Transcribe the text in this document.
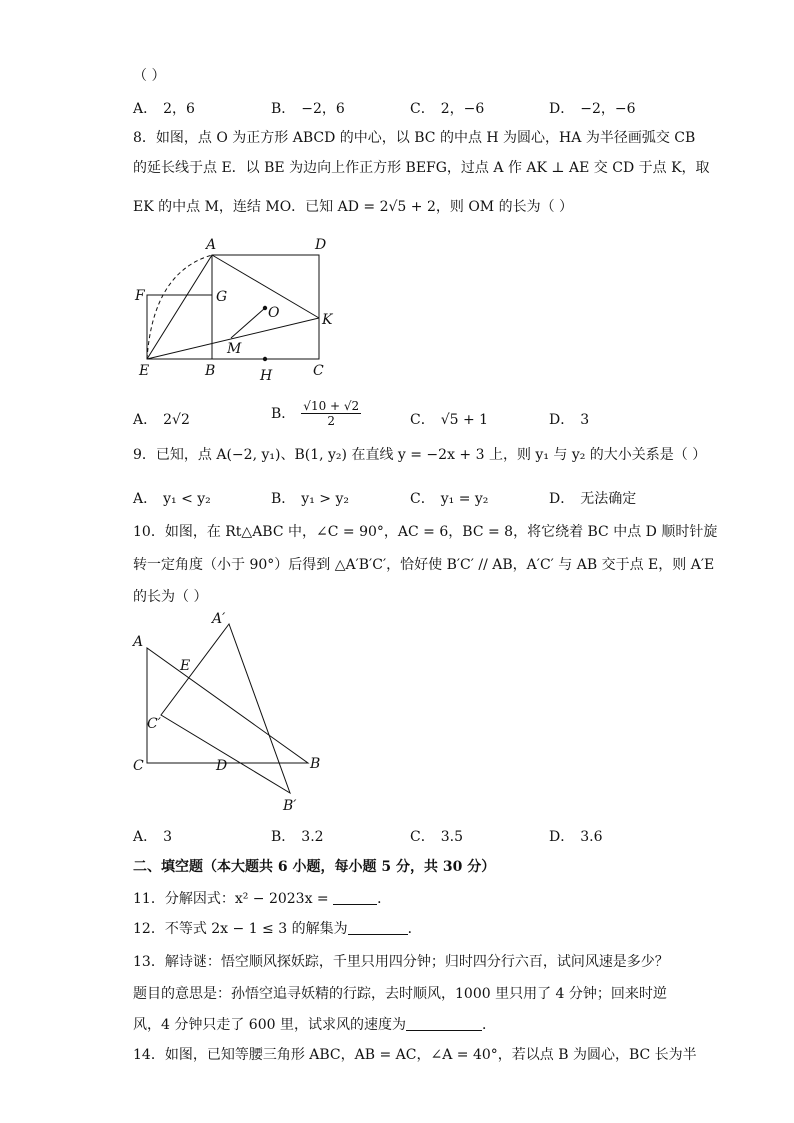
（ ）
A． 2，6	B． −2，6	C． 2，−6	D． −2，−6
8．如图，点 O 为正方形 ABCD 的中心，以 BC 的中点 H 为圆心，HA 为半径画弧交 CB
的延长线于点 E．以 BE 为边向上作正方形 BEFG，过点 A 作 AK ⊥ AE 交 CD 于点 K，取
EK 的中点 M，连结 MO．已知 AD = 2√5 + 2，则 OM 的长为（ ）
A	D
F	G
O	K
M
E	B	H	C
A． 2√2	B． $\frac{√10 + √2}{2}$	C． √5 + 1	D． 3
9．已知，点 A(−2, y₁)、B(1, y₂) 在直线 y = −2x + 3 上，则 y₁ 与 y₂ 的大小关系是（ ）
A． y₁ < y₂	B． y₁ > y₂	C． y₁ = y₂	D． 无法确定
10．如图，在 Rt△ABC 中，∠C = 90°，AC = 6，BC = 8，将它绕着 BC 中点 D 顺时针旋
转一定角度（小于 90°）后得到 △A′B′C′，恰好使 B′C′ // AB，A′C′ 与 AB 交于点 E，则 A′E
的长为（ ）
A
A′
E
C′
C	D	B
B′
A． 3	B． 3.2	C． 3.5	D． 3.6
二、填空题（本大题共 6 小题，每小题 5 分，共 30 分）
11．分解因式：x² − 2023x =	．
12．不等式 2x − 1 ≤ 3 的解集为	．
13．解诗谜：悟空顺风探妖踪，千里只用四分钟；归时四分行六百，试问风速是多少？
题目的意思是：孙悟空追寻妖精的行踪，去时顺风，1000 里只用了 4 分钟；回来时逆
风，4 分钟只走了 600 里，试求风的速度为	．
14．如图，已知等腰三角形 ABC，AB = AC，∠A = 40°，若以点 B 为圆心，BC 长为半
